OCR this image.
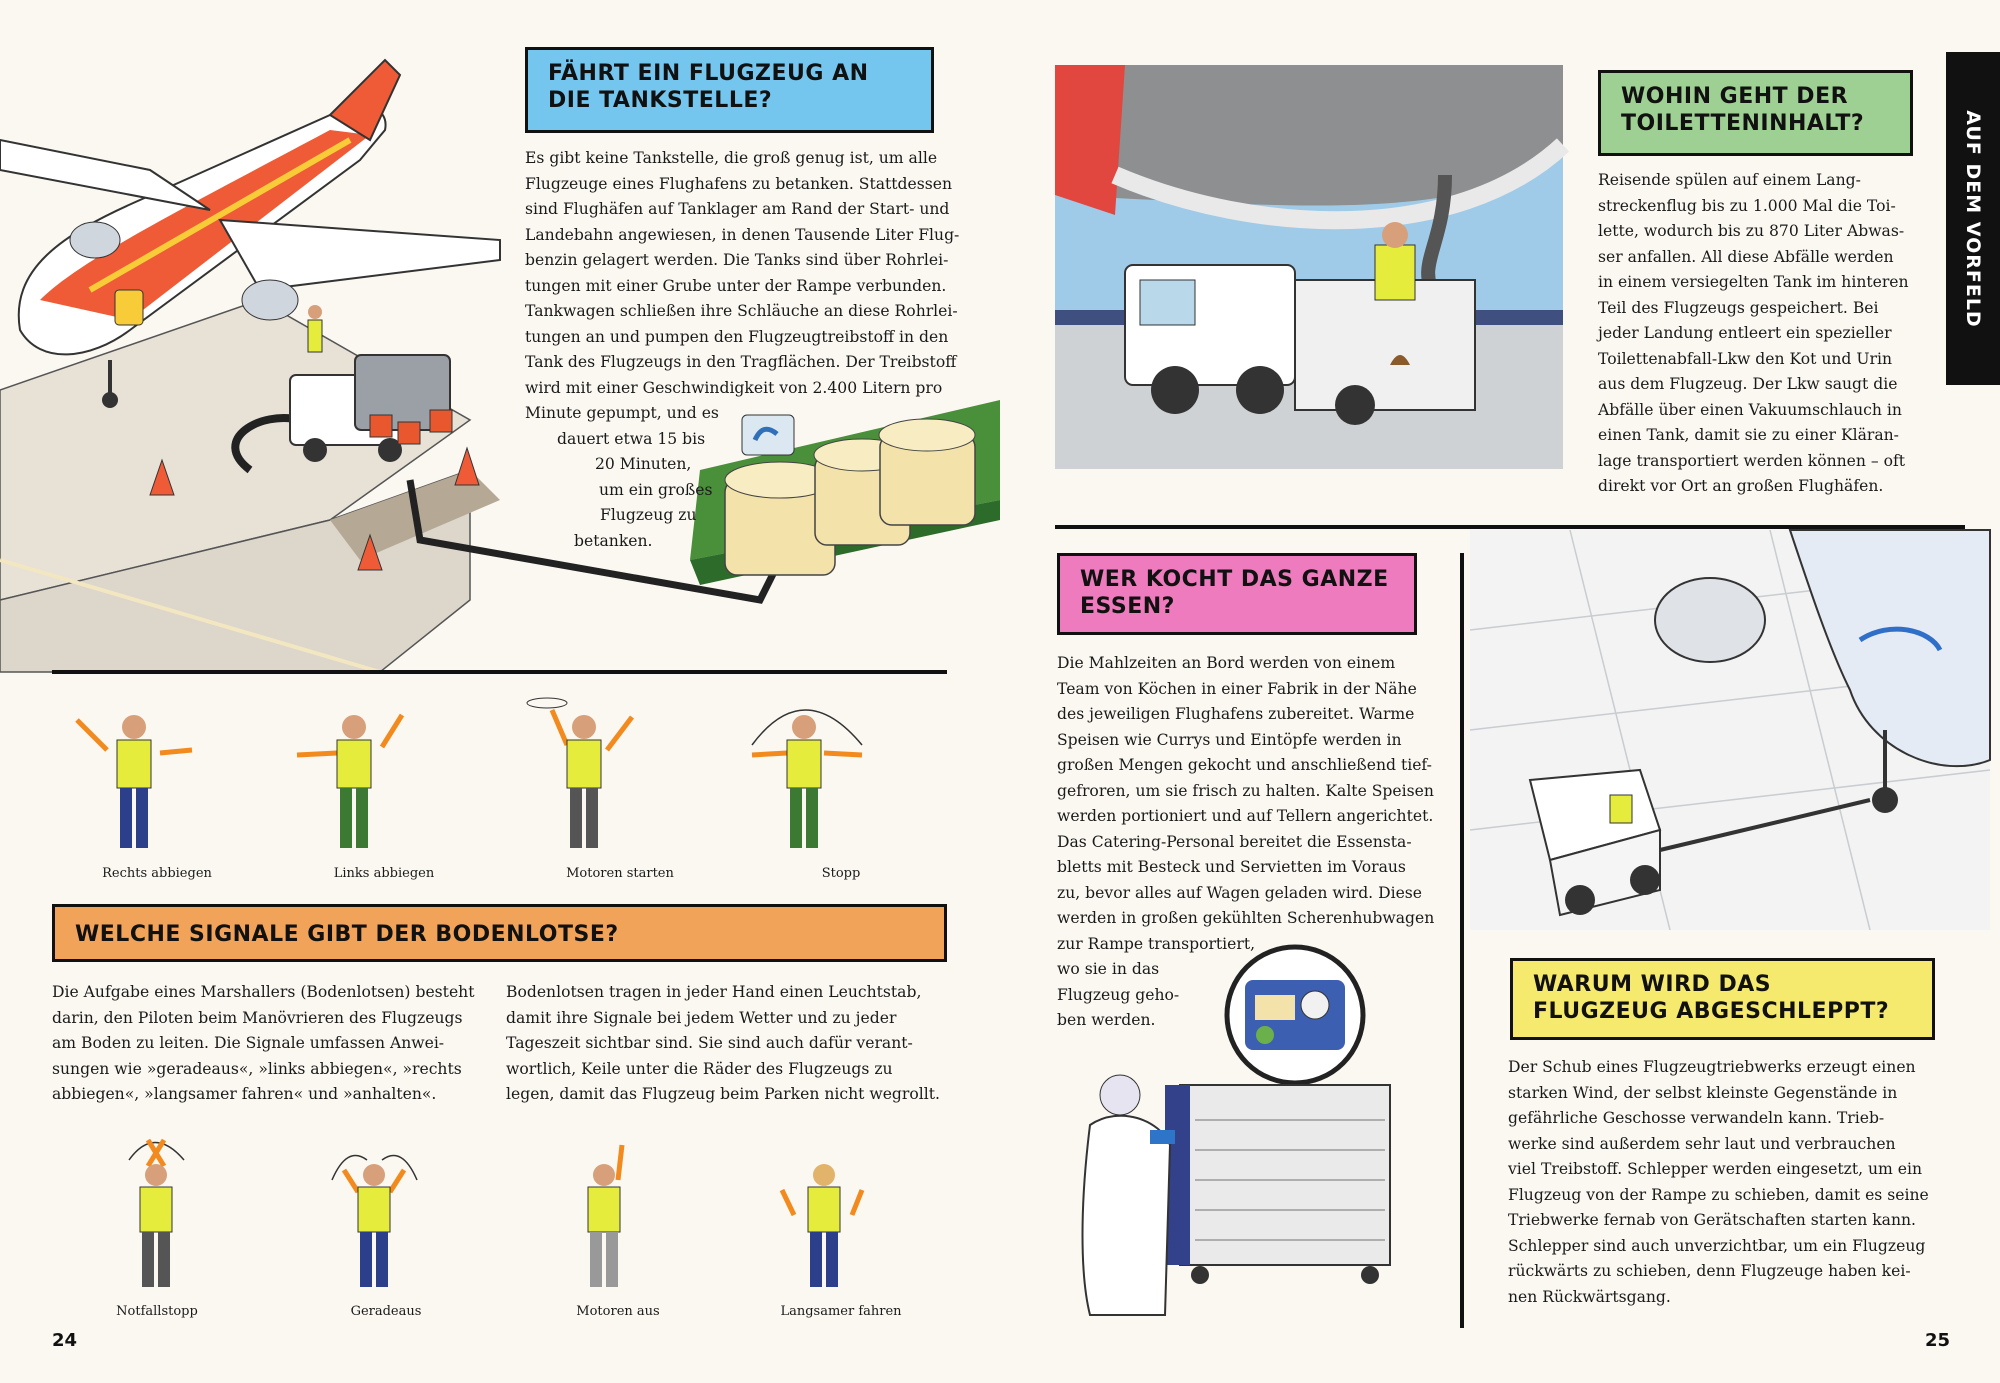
FÄHRT EIN FLUGZEUG AN DIE TANKSTELLE?
Es gibt keine Tankstelle, die groß genug ist, um alle
Flugzeuge eines Flughafens zu betanken. Stattdessen
sind Flughäfen auf Tanklager am Rand der Start- und
Landebahn angewiesen, in denen Tausende Liter Flug-
benzin gelagert werden. Die Tanks sind über Rohrlei-
tungen mit einer Grube unter der Rampe verbunden.
Tankwagen schließen ihre Schläuche an diese Rohrlei-
tungen an und pumpen den Flugzeugtreibstoff in den
Tank des Flugzeugs in den Tragflächen. Der Treibstoff
wird mit einer Geschwindigkeit von 2.400 Litern pro
Minute gepumpt, und es
dauert etwa 15 bis
20 Minuten,
um ein großes
Flugzeug zu
betanken.
Rechts abbiegen	Links abbiegen	Motoren starten	Stopp
WELCHE SIGNALE GIBT DER BODENLOTSE?
Die Aufgabe eines Marshallers (Bodenlotsen) besteht
darin, den Piloten beim Manövrieren des Flugzeugs
am Boden zu leiten. Die Signale umfassen Anwei-
sungen wie »geradeaus«, »links abbiegen«, »rechts
abbiegen«, »langsamer fahren« und »anhalten«.
Bodenlotsen tragen in jeder Hand einen Leuchtstab,
damit ihre Signale bei jedem Wetter und zu jeder
Tageszeit sichtbar sind. Sie sind auch dafür verant-
wortlich, Keile unter die Räder des Flugzeugs zu
legen, damit das Flugzeug beim Parken nicht wegrollt.
Notfallstopp	Geradeaus	Motoren aus	Langsamer fahren
24
WOHIN GEHT DER TOILETTENINHALT?
Reisende spülen auf einem Lang-
streckenflug bis zu 1.000 Mal die Toi-
lette, wodurch bis zu 870 Liter Abwas-
ser anfallen. All diese Abfälle werden
in einem versiegelten Tank im hinteren
Teil des Flugzeugs gespeichert. Bei
jeder Landung entleert ein spezieller
Toilettenabfall-Lkw den Kot und Urin
aus dem Flugzeug. Der Lkw saugt die
Abfälle über einen Vakuumschlauch in
einen Tank, damit sie zu einer Kläran-
lage transportiert werden können – oft
direkt vor Ort an großen Flughäfen.
AUF DEM VORFELD
WER KOCHT DAS GANZE ESSEN?
Die Mahlzeiten an Bord werden von einem
Team von Köchen in einer Fabrik in der Nähe
des jeweiligen Flughafens zubereitet. Warme
Speisen wie Currys und Eintöpfe werden in
großen Mengen gekocht und anschließend tief-
gefroren, um sie frisch zu halten. Kalte Speisen
werden portioniert und auf Tellern angerichtet.
Das Catering-Personal bereitet die Essensta-
bletts mit Besteck und Servietten im Voraus
zu, bevor alles auf Wagen geladen wird. Diese
werden in großen gekühlten Scherenhubwagen
zur Rampe transportiert,
wo sie in das
Flugzeug geho-
ben werden.
WARUM WIRD DAS FLUGZEUG ABGESCHLEPPT?
Der Schub eines Flugzeugtriebwerks erzeugt einen
starken Wind, der selbst kleinste Gegenstände in
gefährliche Geschosse verwandeln kann. Trieb-
werke sind außerdem sehr laut und verbrauchen
viel Treibstoff. Schlepper werden eingesetzt, um ein
Flugzeug von der Rampe zu schieben, damit es seine
Triebwerke fernab von Gerätschaften starten kann.
Schlepper sind auch unverzichtbar, um ein Flugzeug
rückwärts zu schieben, denn Flugzeuge haben kei-
nen Rückwärtsgang.
25
